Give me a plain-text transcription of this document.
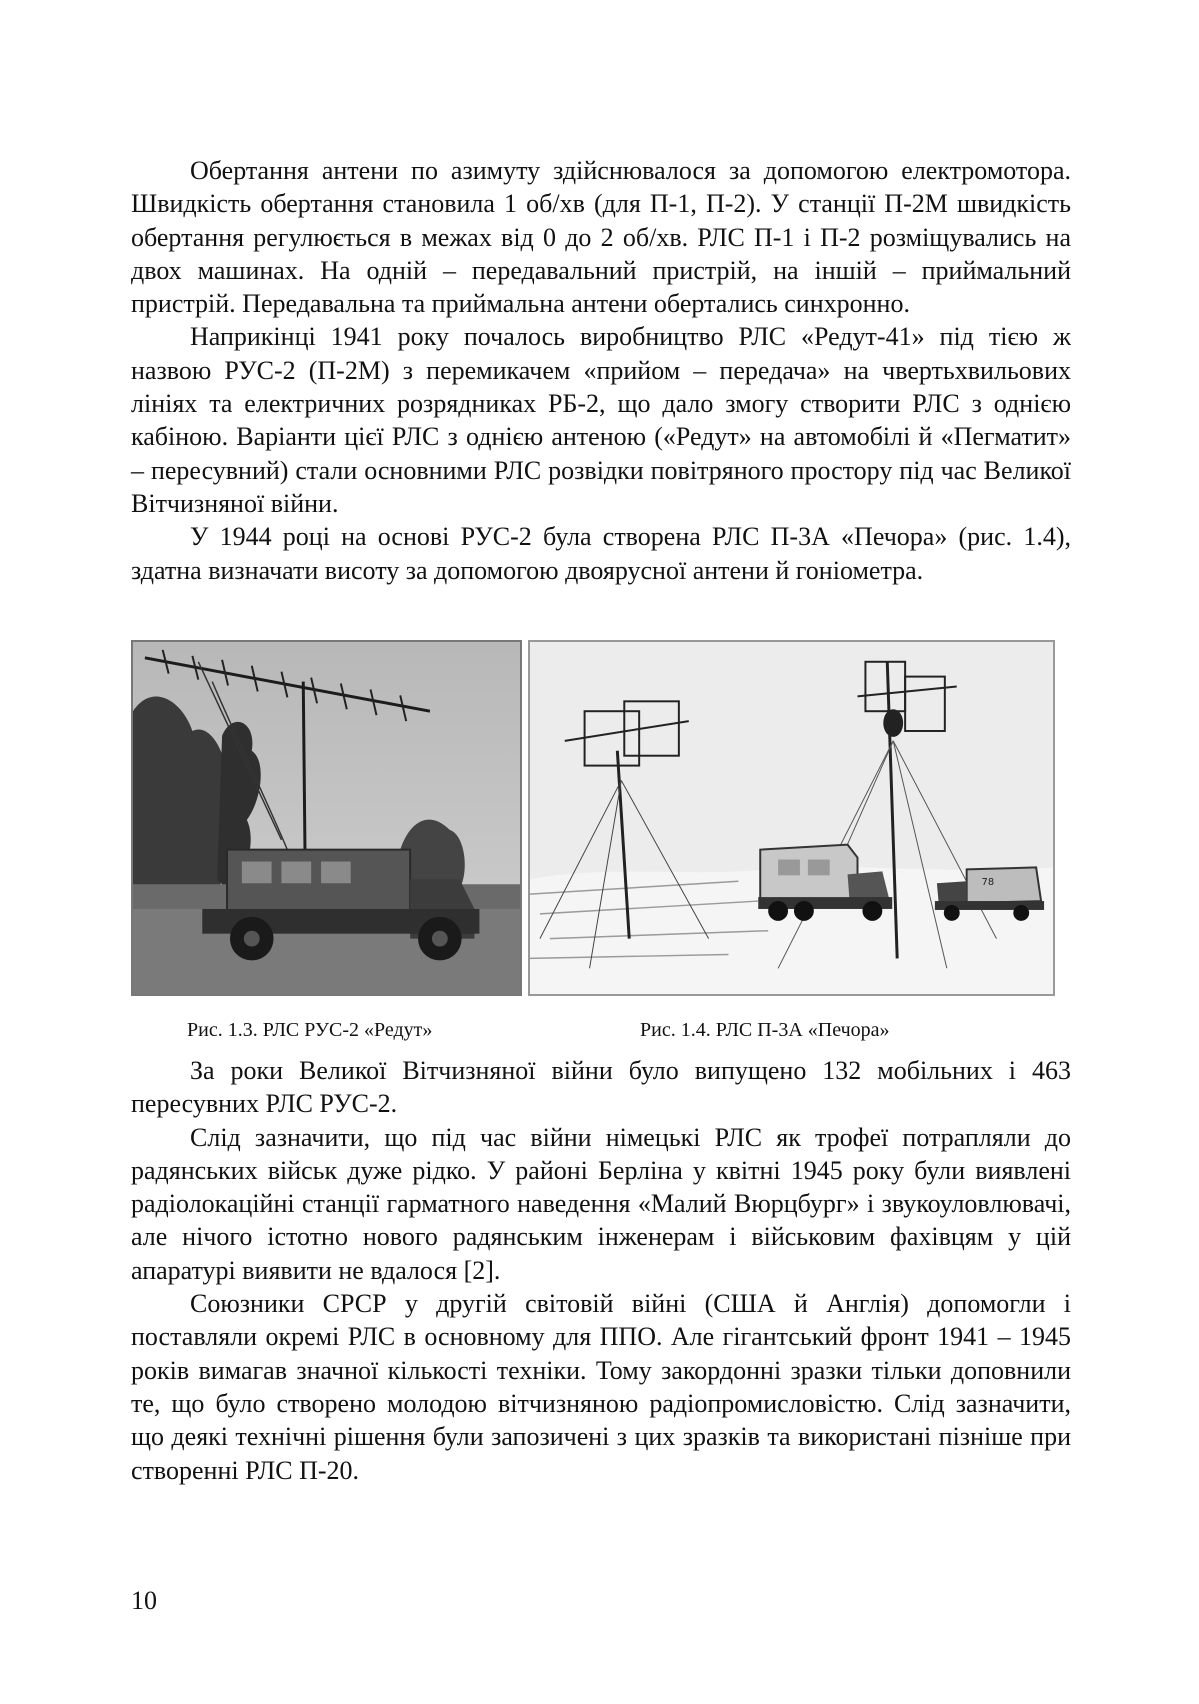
Обертання антени по азимуту здійснювалося за допомогою електромотора. Швидкість обертання становила 1 об/хв (для П-1, П-2). У станції П-2М швидкість обертання регулюється в межах від 0 до 2 об/хв. РЛС П-1 і П-2 розміщувались на двох машинах. На одній – передавальний пристрій, на іншій – приймальний пристрій. Передавальна та приймальна антени обертались синхронно.

Наприкінці 1941 року почалось виробництво РЛС «Редут-41» під тією ж назвою РУС-2 (П-2М) з перемикачем «прийом – передача» на чвертьхвильових лініях та електричних розрядниках РБ-2, що дало змогу створити РЛС з однією кабіною. Варіанти цієї РЛС з однією антеною («Редут» на автомобілі й «Пегматит» – пересувний) стали основними РЛС розвідки повітряного простору під час Великої Вітчизняної війни.

У 1944 році на основі РУС-2 була створена РЛС П-3А «Печора» (рис. 1.4), здатна визначати висоту за допомогою двоярусної антени й гоніометра.

78
Рис. 1.3. РЛС РУС-2 «Редут»	Рис. 1.4. РЛС П-3А «Печора»

За роки Великої Вітчизняної війни було випущено 132 мобільних і 463 пересувних РЛС РУС-2.

Слід зазначити, що під час війни німецькі РЛС як трофеї потрапляли до радянських військ дуже рідко. У районі Берліна у квітні 1945 року були виявлені радіолокаційні станції гарматного наведення «Малий Вюрцбург» і звукоуловлювачі, але нічого істотно нового радянським інженерам і військовим фахівцям у цій апаратурі виявити не вдалося [2].

Союзники СРСР у другій світовій війні (США й Англія) допомогли і поставляли окремі РЛС в основному для ППО. Але гігантський фронт 1941 – 1945 років вимагав значної кількості техніки. Тому закордонні зразки тільки доповнили те, що було створено молодою вітчизняною радіопромисловістю. Слід зазначити, що деякі технічні рішення були запозичені з цих зразків та використані пізніше при створенні РЛС П-20.

10
